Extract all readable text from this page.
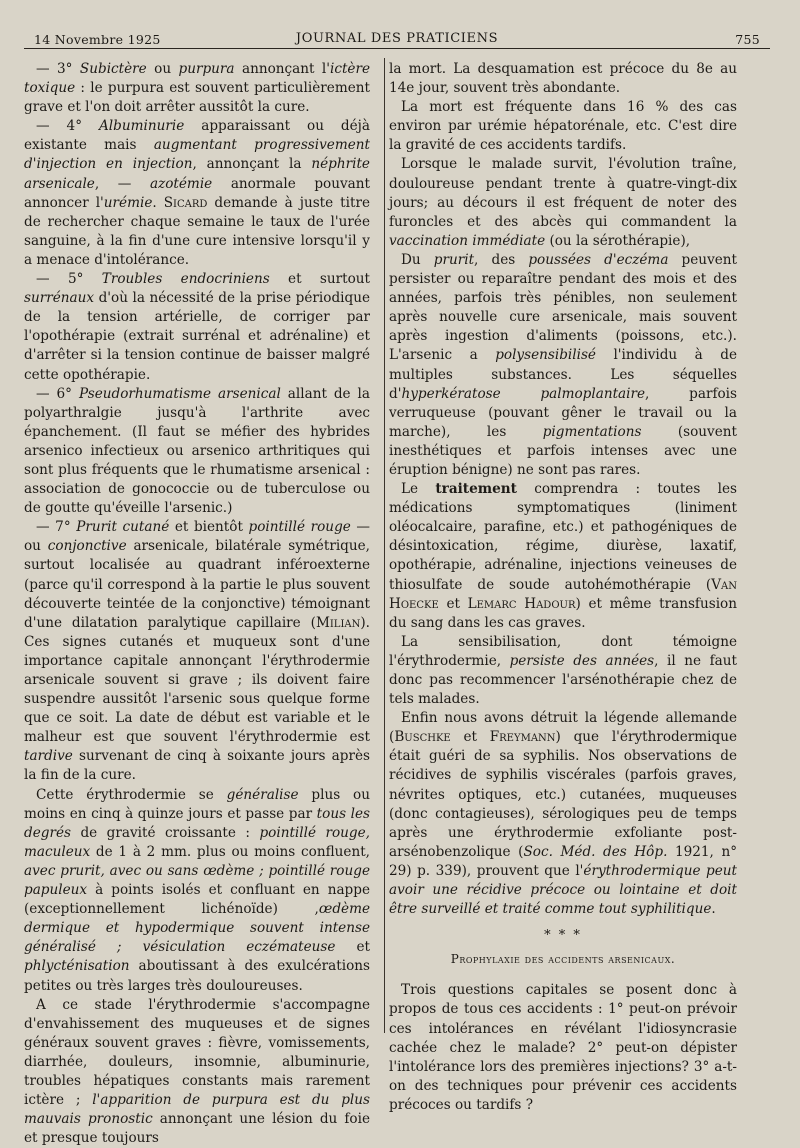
14 Novembre 1925	JOURNAL DES PRATICIENS	755

— 3° Subictère ou purpura annonçant l'ictère toxique : le purpura est souvent particulièrement grave et l'on doit arrêter aussitôt la cure.

— 4° Albuminurie apparaissant ou déjà existante mais augmentant progressivement d'injection en injection, annonçant la néphrite arsenicale, — azotémie anormale pouvant annoncer l'urémie. Sicard demande à juste titre de rechercher chaque semaine le taux de l'urée sanguine, à la fin d'une cure intensive lorsqu'il y a menace d'intolérance.

— 5° Troubles endocriniens et surtout surrénaux d'où la nécessité de la prise périodique de la tension artérielle, de corriger par l'opothérapie (extrait surrénal et adrénaline) et d'arrêter si la tension continue de baisser malgré cette opothérapie.

— 6° Pseudorhumatisme arsenical allant de la polyarthralgie jusqu'à l'arthrite avec épanchement. (Il faut se méfier des hybrides arsenico infectieux ou arsenico arthritiques qui sont plus fréquents que le rhumatisme arsenical : association de gonococcie ou de tuberculose ou de goutte qu'éveille l'arsenic.)

— 7° Prurit cutané et bientôt pointillé rouge — ou conjonctive arsenicale, bilatérale symétrique, surtout localisée au quadrant inféroexterne (parce qu'il correspond à la partie le plus souvent découverte teintée de la conjonctive) témoignant d'une dilatation paralytique capillaire (Milian). Ces signes cutanés et muqueux sont d'une importance capitale annonçant l'érythrodermie arsenicale souvent si grave ; ils doivent faire suspendre aussitôt l'arsenic sous quelque forme que ce soit. La date de début est variable et le malheur est que souvent l'érythrodermie est tardive survenant de cinq à soixante jours après la fin de la cure.

Cette érythrodermie se généralise plus ou moins en cinq à quinze jours et passe par tous les degrés de gravité croissante : pointillé rouge, maculeux de 1 à 2 mm. plus ou moins confluent, avec prurit, avec ou sans œdème ; pointillé rouge papuleux à points isolés et confluant en nappe (exceptionnellement lichénoïde) ,œdème dermique et hypodermique souvent intense généralisé ; vésiculation eczémateuse et phlycténisation aboutissant à des exulcérations petites ou très larges très douloureuses.

A ce stade l'érythrodermie s'accompagne d'envahissement des muqueuses et de signes généraux souvent graves : fièvre, vomissements, diarrhée, douleurs, insomnie, albuminurie, troubles hépatiques constants mais rarement ictère ; l'apparition de purpura est du plus mauvais pronostic annonçant une lésion du foie et presque toujours

la mort. La desquamation est précoce du 8e au 14e jour, souvent très abondante.

La mort est fréquente dans 16 % des cas environ par urémie hépatorénale, etc. C'est dire la gravité de ces accidents tardifs.

Lorsque le malade survit, l'évolution traîne, douloureuse pendant trente à quatre-vingt-dix jours; au décours il est fréquent de noter des furoncles et des abcès qui commandent la vaccination immédiate (ou la sérothérapie),

Du prurit, des poussées d'eczéma peuvent persister ou reparaître pendant des mois et des années, parfois très pénibles, non seulement après nouvelle cure arsenicale, mais souvent après ingestion d'aliments (poissons, etc.). L'arsenic a polysensibilisé l'individu à de multiples substances. Les séquelles d'hyperkératose palmoplantaire, parfois verruqueuse (pouvant gêner le travail ou la marche), les pigmentations (souvent inesthétiques et parfois intenses avec une éruption bénigne) ne sont pas rares.

Le traitement comprendra : toutes les médications symptomatiques (liniment oléocalcaire, parafine, etc.) et pathogéniques de désintoxication, régime, diurèse, laxatif, opothérapie, adrénaline, injections veineuses de thiosulfate de soude autohémothérapie (Van Hoecke et Lemarc Hadour) et même transfusion du sang dans les cas graves.

La sensibilisation, dont témoigne l'érythrodermie, persiste des années, il ne faut donc pas recommencer l'arsénothérapie chez de tels malades.

Enfin nous avons détruit la légende allemande (Buschke et Freymann) que l'érythrodermique était guéri de sa syphilis. Nos observations de récidives de syphilis viscérales (parfois graves, névrites optiques, etc.) cutanées, muqueuses (donc contagieuses), sérologiques peu de temps après une érythrodermie exfoliante post-arsénobenzolique (Soc. Méd. des Hôp. 1921, n° 29) p. 339), prouvent que l'érythrodermique peut avoir une récidive précoce ou lointaine et doit être surveillé et traité comme tout syphilitique.

* * *
Prophylaxie des accidents arsenicaux.

Trois questions capitales se posent donc à propos de tous ces accidents : 1° peut-on prévoir ces intolérances en révélant l'idiosyncrasie cachée chez le malade? 2° peut-on dépister l'intolérance lors des premières injections? 3° a-t-on des techniques pour prévenir ces accidents précoces ou tardifs ?
